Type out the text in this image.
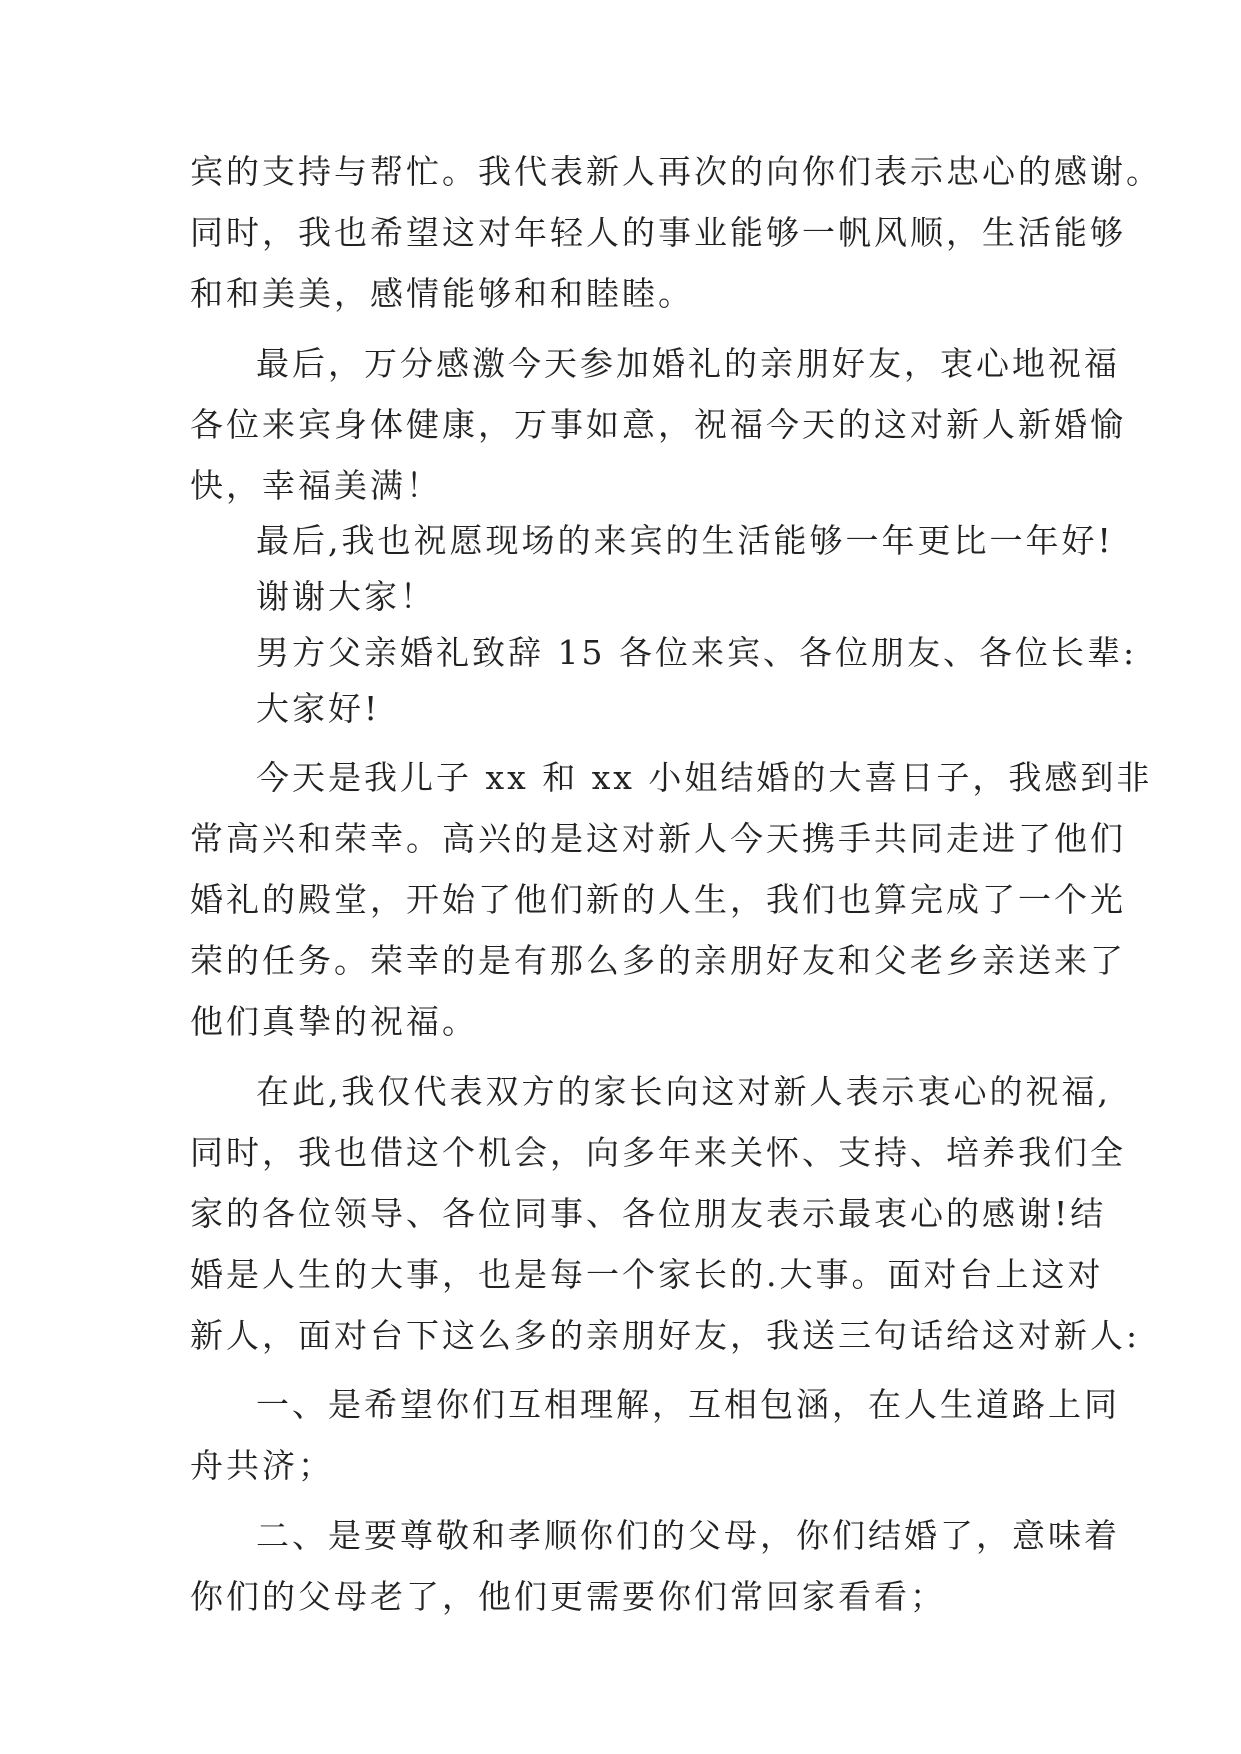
宾的支持与帮忙。我代表新人再次的向你们表示忠心的感谢。
同时，我也希望这对年轻人的事业能够一帆风顺，生活能够
和和美美，感情能够和和睦睦。
最后，万分感激今天参加婚礼的亲朋好友，衷心地祝福
各位来宾身体健康，万事如意，祝福今天的这对新人新婚愉
快，幸福美满！
最后,我也祝愿现场的来宾的生活能够一年更比一年好!
谢谢大家！
男方父亲婚礼致辞 15 各位来宾、各位朋友、各位长辈:
大家好!
今天是我儿子 xx 和 xx 小姐结婚的大喜日子，我感到非
常高兴和荣幸。高兴的是这对新人今天携手共同走进了他们
婚礼的殿堂，开始了他们新的人生，我们也算完成了一个光
荣的任务。荣幸的是有那么多的亲朋好友和父老乡亲送来了
他们真挚的祝福。
在此,我仅代表双方的家长向这对新人表示衷心的祝福,
同时，我也借这个机会，向多年来关怀、支持、培养我们全
家的各位领导、各位同事、各位朋友表示最衷心的感谢!结
婚是人生的大事，也是每一个家长的.大事。面对台上这对
新人，面对台下这么多的亲朋好友，我送三句话给这对新人:
一、是希望你们互相理解，互相包涵，在人生道路上同
舟共济；
二、是要尊敬和孝顺你们的父母，你们结婚了，意味着
你们的父母老了，他们更需要你们常回家看看；
